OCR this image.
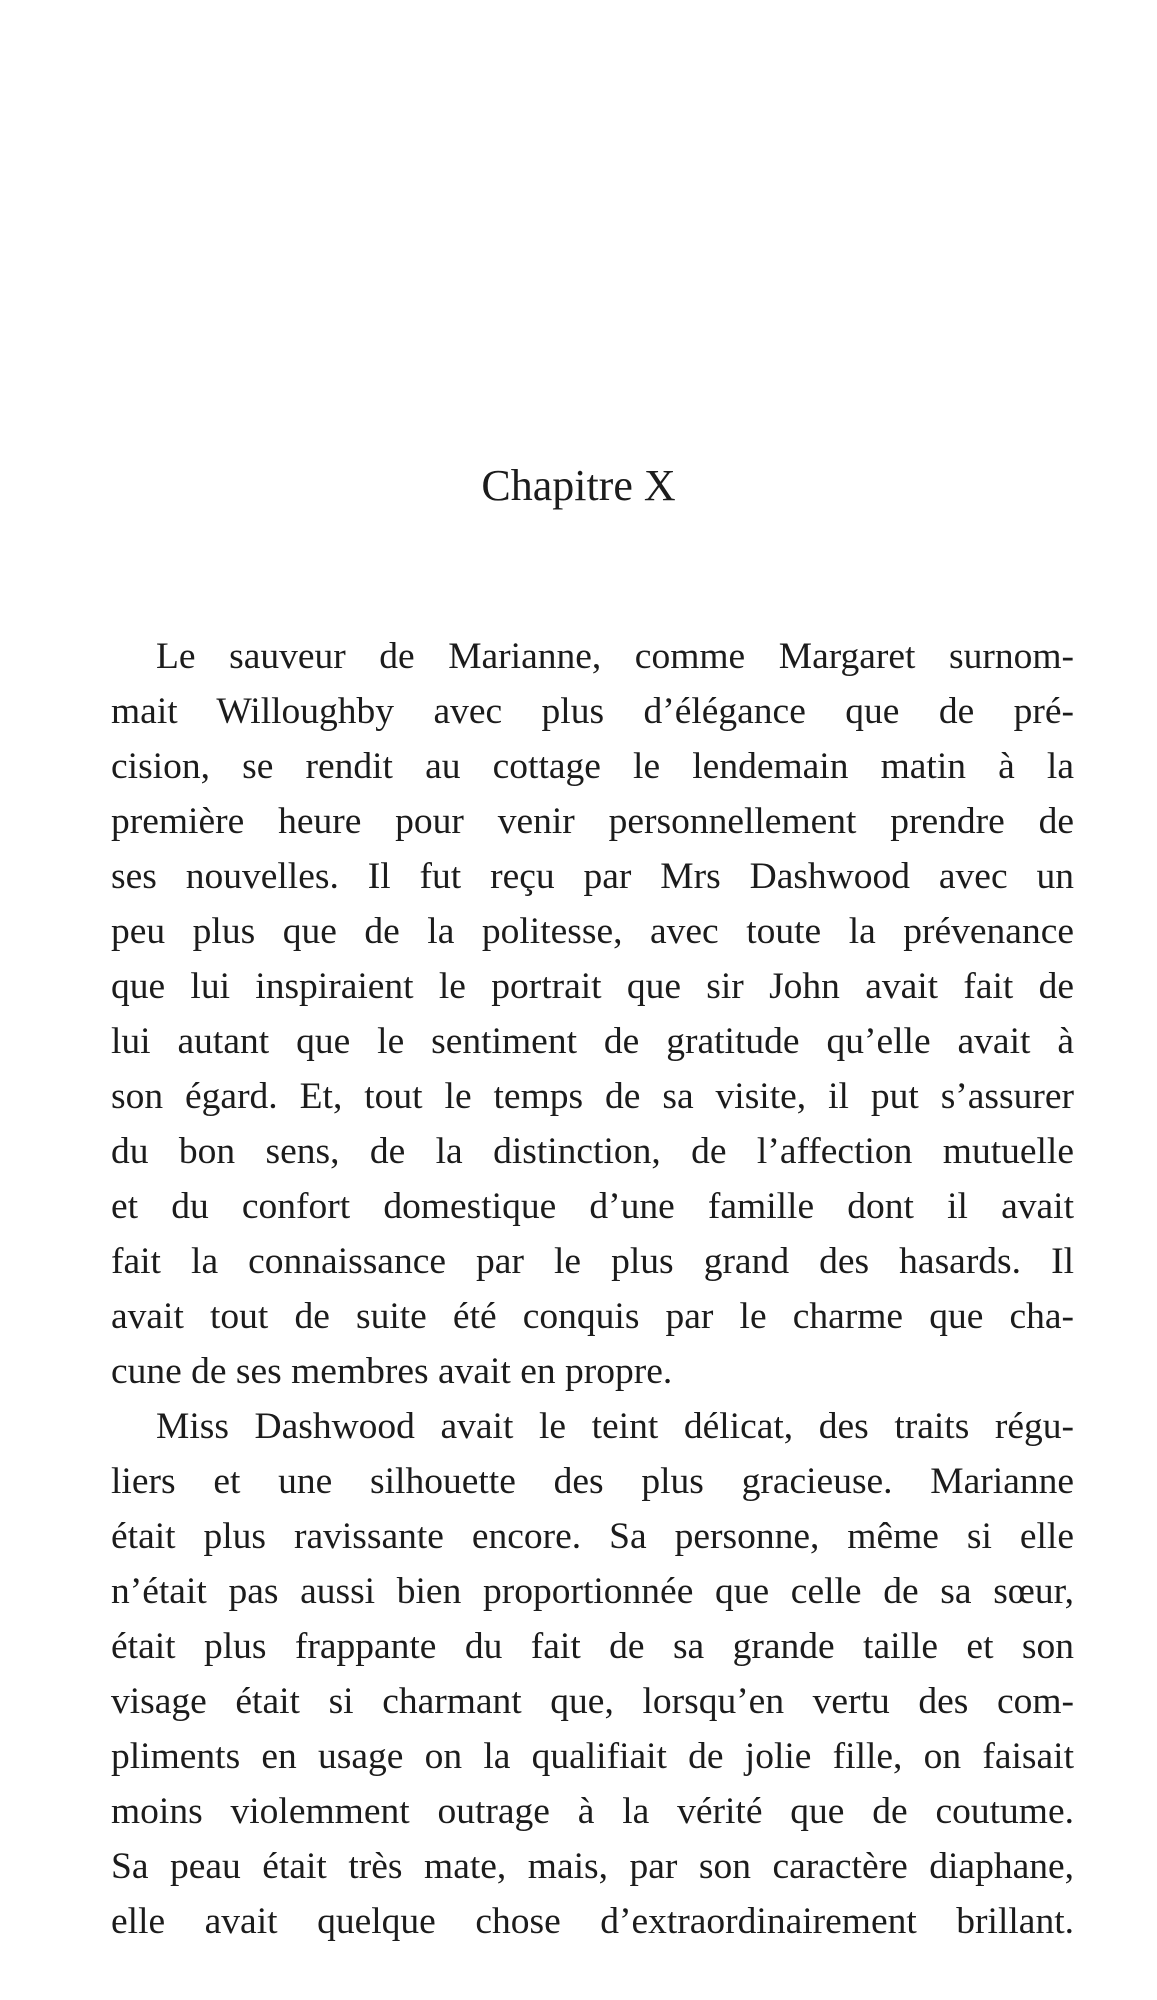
Chapitre X
Le sauveur de Marianne, comme Margaret surnom-
mait Willoughby avec plus d’élégance que de pré-
cision, se rendit au cottage le lendemain matin à la
première heure pour venir personnellement prendre de
ses nouvelles. Il fut reçu par Mrs Dashwood avec un
peu plus que de la politesse, avec toute la prévenance
que lui inspiraient le portrait que sir John avait fait de
lui autant que le sentiment de gratitude qu’elle avait à
son égard. Et, tout le temps de sa visite, il put s’assurer
du bon sens, de la distinction, de l’affection mutuelle
et du confort domestique d’une famille dont il avait
fait la connaissance par le plus grand des hasards. Il
avait tout de suite été conquis par le charme que cha-
cune de ses membres avait en propre.
Miss Dashwood avait le teint délicat, des traits régu-
liers et une silhouette des plus gracieuse. Marianne
était plus ravissante encore. Sa personne, même si elle
n’était pas aussi bien proportionnée que celle de sa sœur,
était plus frappante du fait de sa grande taille et son
visage était si charmant que, lorsqu’en vertu des com-
pliments en usage on la qualifiait de jolie fille, on faisait
moins violemment outrage à la vérité que de coutume.
Sa peau était très mate, mais, par son caractère diaphane,
elle avait quelque chose d’extraordinairement brillant.
